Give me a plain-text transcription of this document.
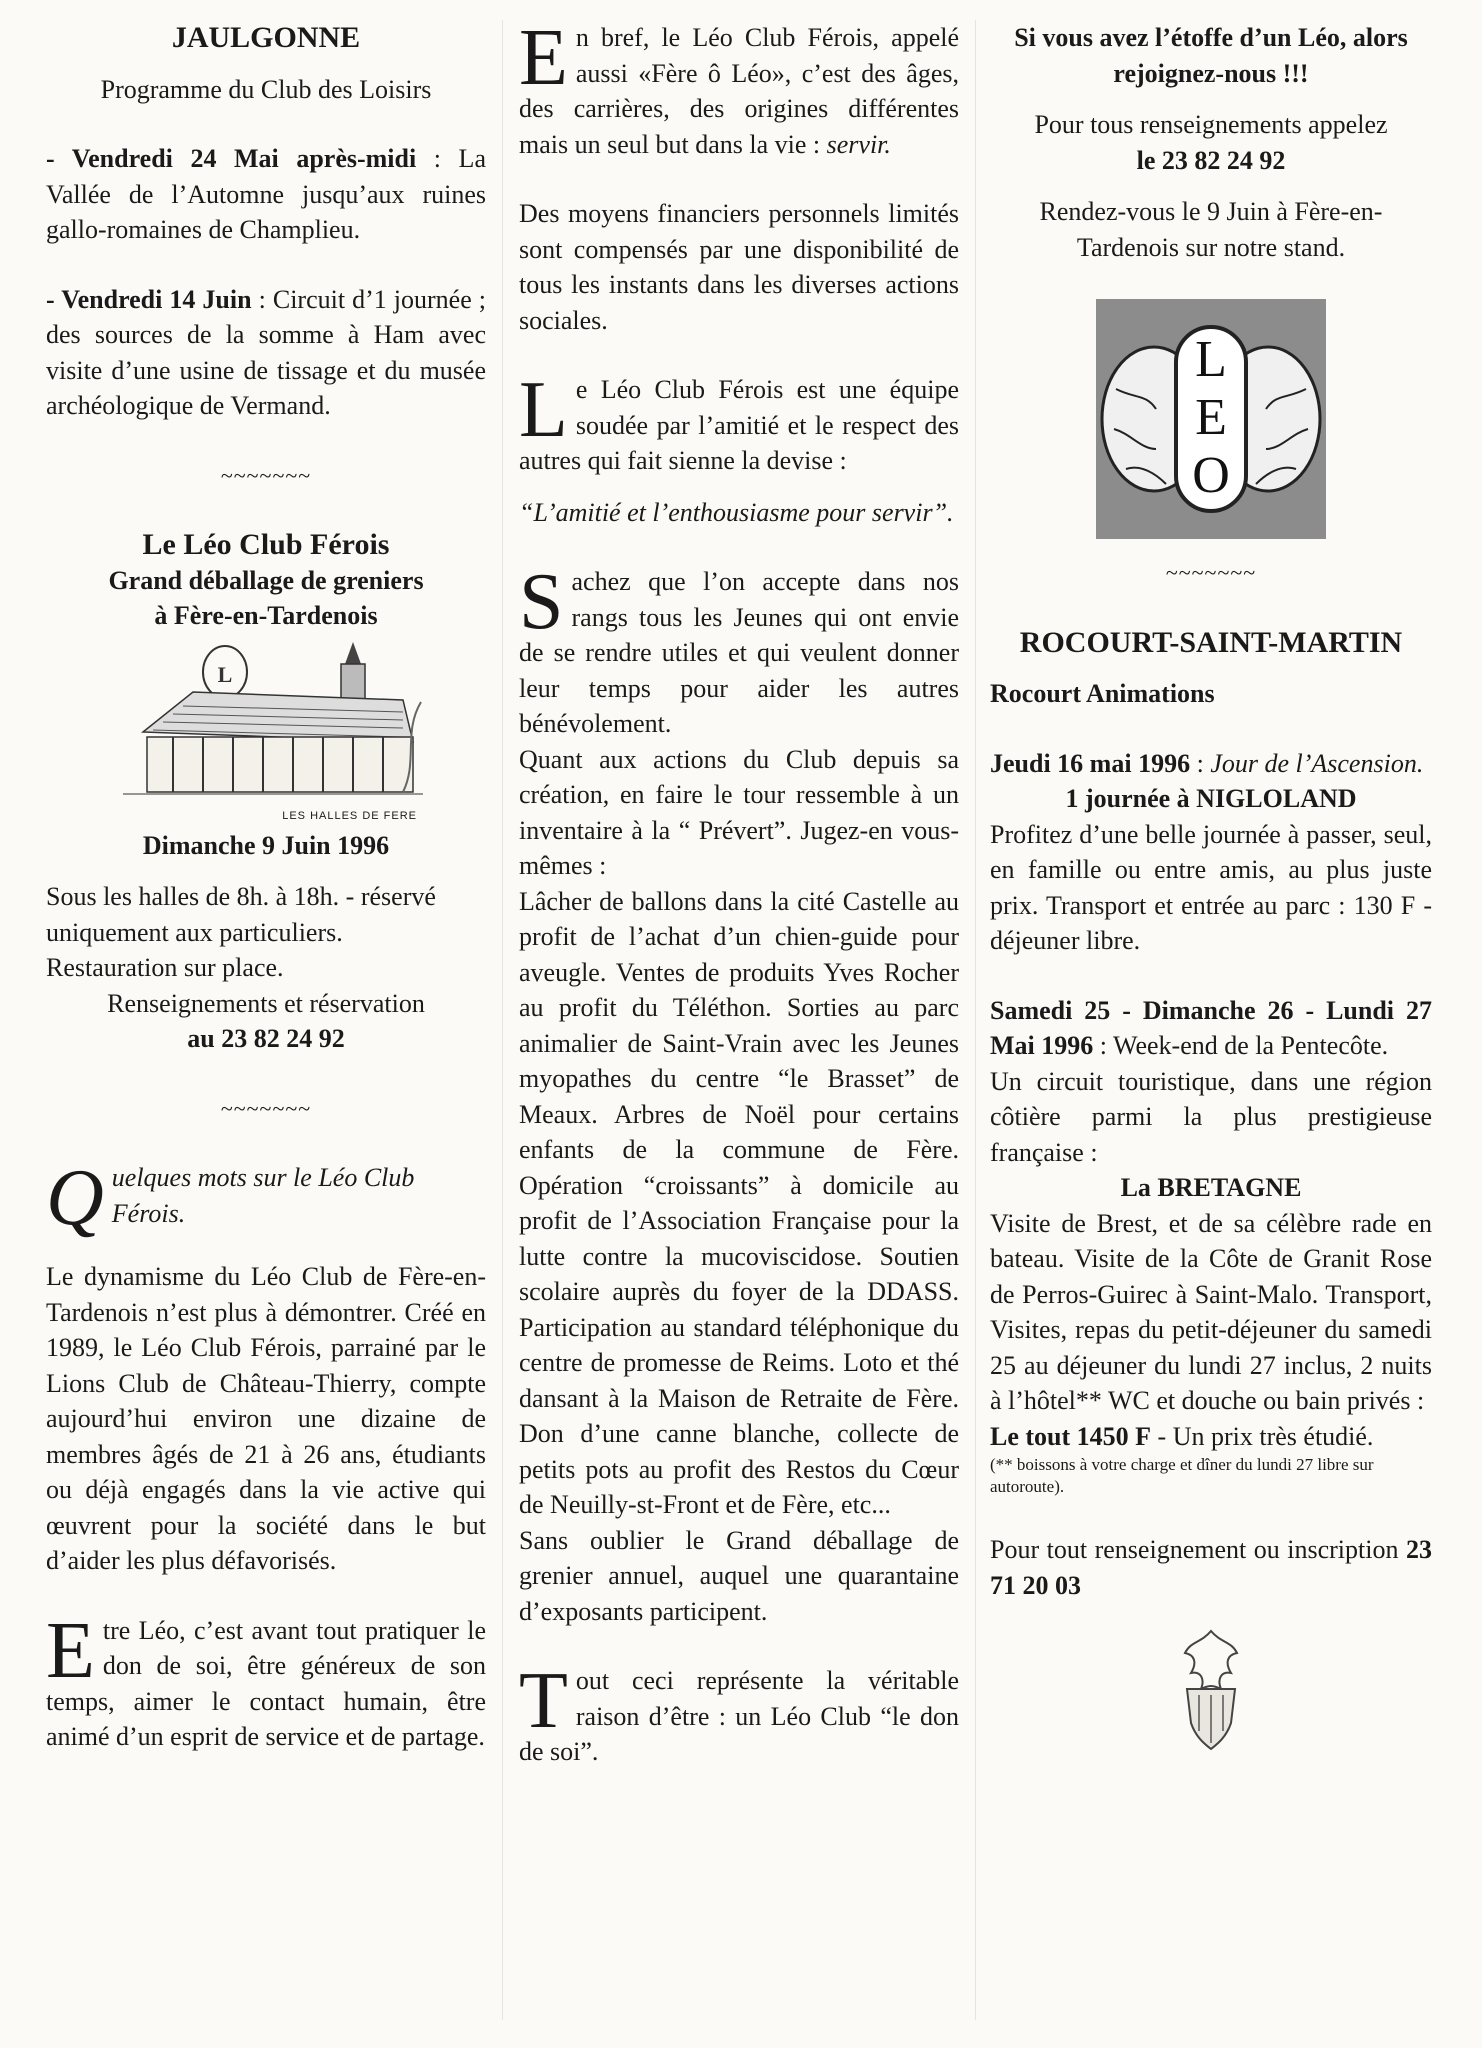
JAULGONNE

Programme du Club des Loisirs

- Vendredi 24 Mai après-midi : La Vallée de l’Automne jusqu’aux ruines gallo-romaines de Champlieu.

- Vendredi 14 Juin : Circuit d’1 journée ; des sources de la somme à Ham avec visite d’une usine de tissage et du musée archéologique de Vermand.

~~~~~~~

Le Léo Club Férois

Grand déballage de greniers

à Fère-en-Tardenois

L
LES HALLES DE FERE

Dimanche 9 Juin 1996

Sous les halles de 8h. à 18h. - réservé uniquement aux particuliers.

Restauration sur place.

Renseignements et réservation

au 23 82 24 92

~~~~~~~

Quelques mots sur le Léo Club Férois.

Le dynamisme du Léo Club de Fère-en-Tardenois n’est plus à démontrer. Créé en 1989, le Léo Club Férois, parrainé par le Lions Club de Château-Thierry, compte aujourd’hui environ une dizaine de membres âgés de 21 à 26 ans, étudiants ou déjà engagés dans la vie active qui œuvrent pour la société dans le but d’aider les plus défavorisés.

Etre Léo, c’est avant tout pratiquer le don de soi, être généreux de son temps, aimer le contact humain, être animé d’un esprit de service et de partage.

En bref, le Léo Club Férois, appelé aussi «Fère ô Léo», c’est des âges, des carrières, des origines différentes mais un seul but dans la vie : servir.

Des moyens financiers personnels limités sont compensés par une disponibilité de tous les instants dans les diverses actions sociales.

Le Léo Club Férois est une équipe soudée par l’amitié et le respect des autres qui fait sienne la devise :

“L’amitié et l’enthousiasme pour servir”.

Sachez que l’on accepte dans nos rangs tous les Jeunes qui ont envie de se rendre utiles et qui veulent donner leur temps pour aider les autres bénévolement.

Quant aux actions du Club depuis sa création, en faire le tour ressemble à un inventaire à la “ Prévert”. Jugez-en vous-mêmes :

Lâcher de ballons dans la cité Castelle au profit de l’achat d’un chien-guide pour aveugle. Ventes de produits Yves Rocher au profit du Téléthon. Sorties au parc animalier de Saint-Vrain avec les Jeunes myopathes du centre “le Brasset” de Meaux. Arbres de Noël pour certains enfants de la commune de Fère. Opération “croissants” à domicile au profit de l’Association Française pour la lutte contre la mucoviscidose. Soutien scolaire auprès du foyer de la DDASS. Participation au standard téléphonique du centre de promesse de Reims. Loto et thé dansant à la Maison de Retraite de Fère. Don d’une canne blanche, collecte de petits pots au profit des Restos du Cœur de Neuilly-st-Front et de Fère, etc...

Sans oublier le Grand déballage de grenier annuel, auquel une quarantaine d’exposants participent.

Tout ceci représente la véritable raison d’être : un Léo Club “le don de soi”.

Si vous avez l’étoffe d’un Léo, alors rejoignez-nous !!!

Pour tous renseignements appelez

le 23 82 24 92

Rendez-vous le 9 Juin à Fère-en-Tardenois sur notre stand.

L
E
O

~~~~~~~

ROCOURT-SAINT-MARTIN

Rocourt Animations

Jeudi 16 mai 1996 : Jour de l’Ascension.

1 journée à NIGLOLAND

Profitez d’une belle journée à passer, seul, en famille ou entre amis, au plus juste prix. Transport et entrée au parc : 130 F - déjeuner libre.

Samedi 25 - Dimanche 26 - Lundi 27 Mai 1996 : Week-end de la Pentecôte.

Un circuit touristique, dans une région côtière parmi la plus prestigieuse française :

La BRETAGNE

Visite de Brest, et de sa célèbre rade en bateau. Visite de la Côte de Granit Rose de Perros-Guirec à Saint-Malo. Transport, Visites, repas du petit-déjeuner du samedi 25 au déjeuner du lundi 27 inclus, 2 nuits à l’hôtel** WC et douche ou bain privés :

Le tout 1450 F - Un prix très étudié.

(** boissons à votre charge et dîner du lundi 27 libre sur autoroute).

Pour tout renseignement ou inscription 23 71 20 03
